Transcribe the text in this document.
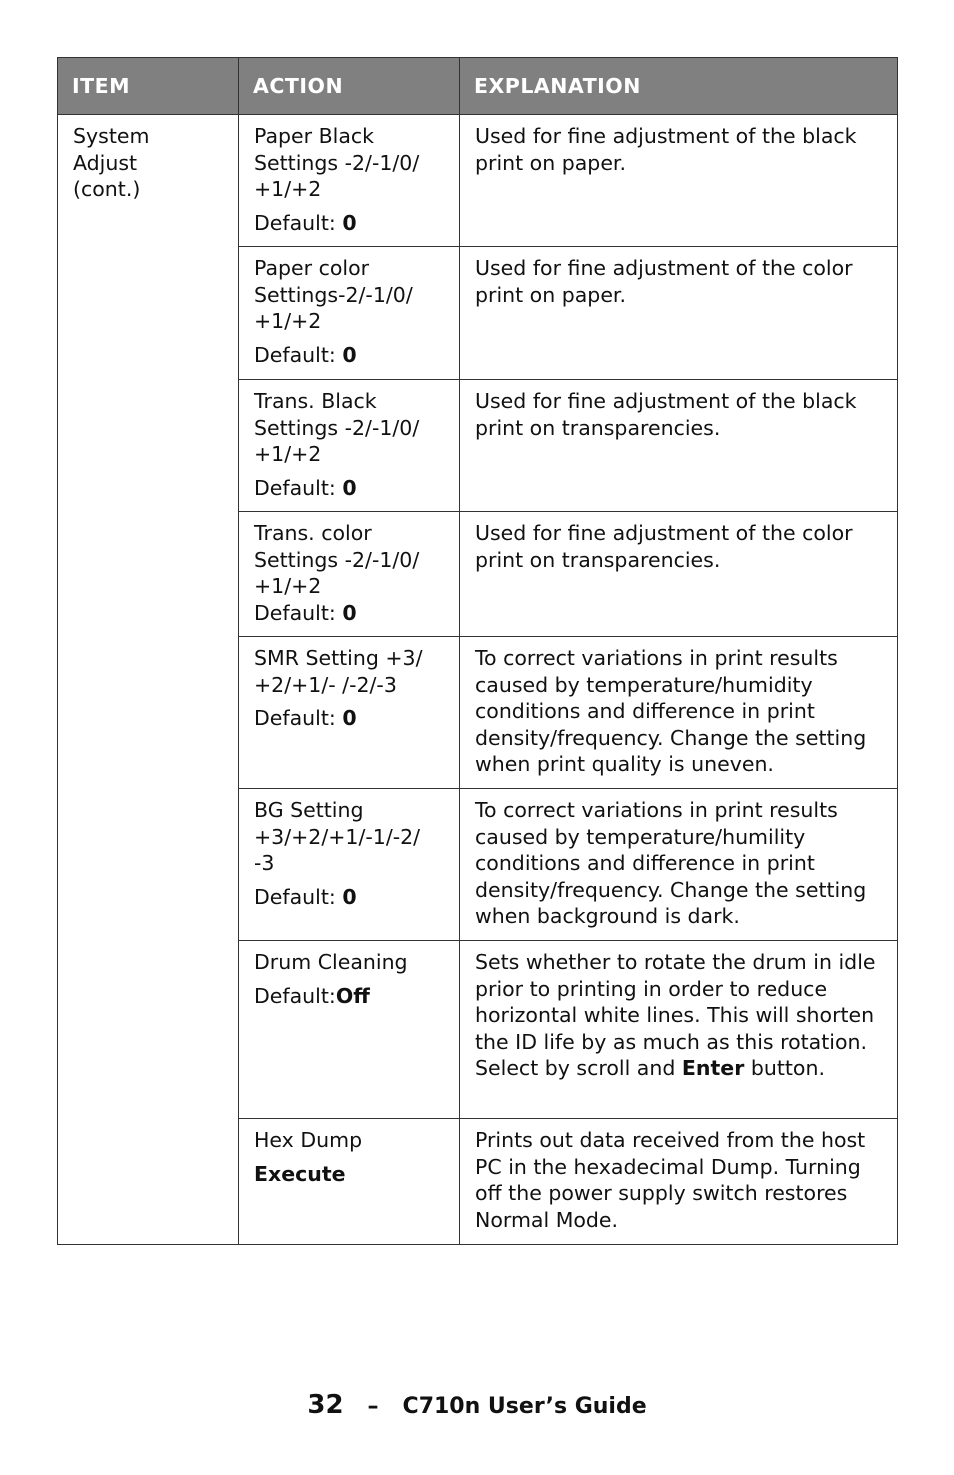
ITEM	ACTION	EXPLANATION

System
Adjust
(cont.)	Paper Black
Settings -2/-1/0/
+1/+2
Default: 0	Used for fine adjustment of the black print on paper.

	Paper color
Settings-2/-1/0/
+1/+2
Default: 0	Used for fine adjustment of the color print on paper.

	Trans. Black
Settings -2/-1/0/
+1/+2
Default: 0	Used for fine adjustment of the black print on transparencies.

	Trans. color
Settings -2/-1/0/
+1/+2
Default: 0	Used for fine adjustment of the color print on transparencies.

	SMR Setting +3/
+2/+1/- /-2/-3
Default: 0	To correct variations in print results caused by temperature/humidity conditions and difference in print density/frequency. Change the setting when print quality is uneven.

	BG Setting
+3/+2/+1/-1/-2/
-3
Default: 0	To correct variations in print results caused by temperature/humility conditions and difference in print density/frequency. Change the setting when background is dark.

	Drum Cleaning
Default:Off	Sets whether to rotate the drum in idle prior to printing in order to reduce horizontal white lines. This will shorten the ID life by as much as this rotation. Select by scroll and Enter button.

	Hex Dump
Execute	Prints out data received from the host PC in the hexadecimal Dump. Turning off the power supply switch restores Normal Mode.
32 – C710n User’s Guide
